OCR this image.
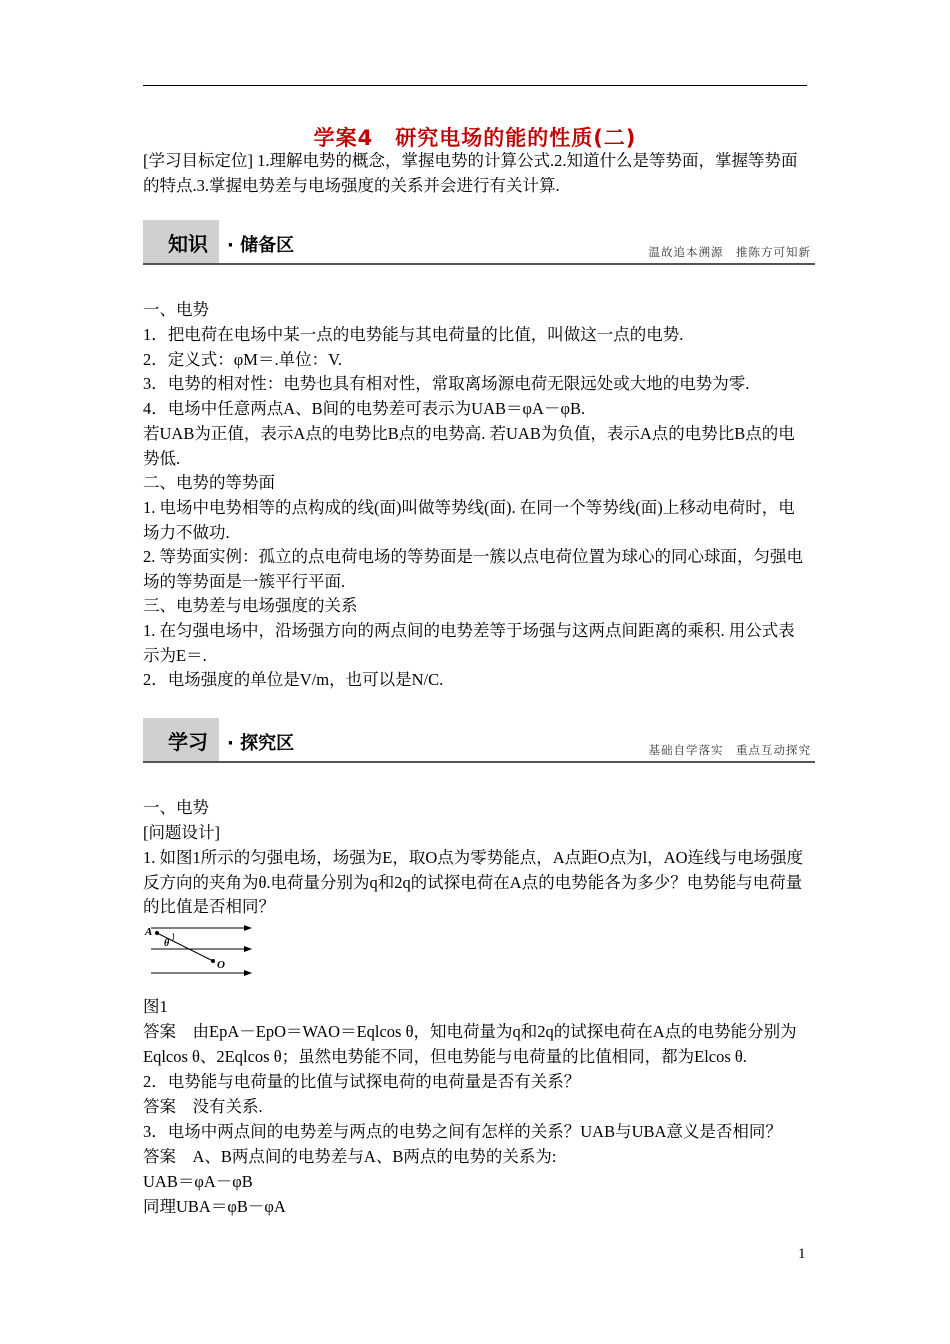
学案4　研究电场的能的性质(二)
[学习目标定位] 1.理解电势的概念，掌握电势的计算公式.2.知道什么是等势面，掌握等势面的特点.3.掌握电势差与电场强度的关系并会进行有关计算.
知识 · 储备区	温故追本溯源　推陈方可知新
一、电势
1．把电荷在电场中某一点的电势能与其电荷量的比值，叫做这一点的电势.
2．定义式：φM＝.单位：V.
3．电势的相对性：电势也具有相对性，常取离场源电荷无限远处或大地的电势为零.
4．电场中任意两点A、B间的电势差可表示为UAB＝φA－φB.
若UAB为正值，表示A点的电势比B点的电势高. 若UAB为负值，表示A点的电势比B点的电势低.
二、电势的等势面
1. 电场中电势相等的点构成的线(面)叫做等势线(面). 在同一个等势线(面)上移动电荷时，电场力不做功.
2. 等势面实例：孤立的点电荷电场的等势面是一簇以点电荷位置为球心的同心球面，匀强电场的等势面是一簇平行平面.
三、电势差与电场强度的关系
1. 在匀强电场中，沿场强方向的两点间的电势差等于场强与这两点间距离的乘积. 用公式表示为E＝.
2．电场强度的单位是V/m，也可以是N/C.
学习 · 探究区	基础自学落实　重点互动探究
一、电势
[问题设计]
1. 如图1所示的匀强电场，场强为E，取O点为零势能点，A点距O点为l，AO连线与电场强度反方向的夹角为θ.电荷量分别为q和2q的试探电荷在A点的电势能各为多少？电势能与电荷量的比值是否相同？
A
θ
O
图1
答案　由EpA－EpO＝WAO＝Eqlcos θ，知电荷量为q和2q的试探电荷在A点的电势能分别为Eqlcos θ、2Eqlcos θ；虽然电势能不同，但电势能与电荷量的比值相同，都为Elcos θ.
2．电势能与电荷量的比值与试探电荷的电荷量是否有关系？
答案　没有关系.
3．电场中两点间的电势差与两点的电势之间有怎样的关系？UAB与UBA意义是否相同？
答案　A、B两点间的电势差与A、B两点的电势的关系为:
UAB＝φA－φB
同理UBA＝φB－φA
1
